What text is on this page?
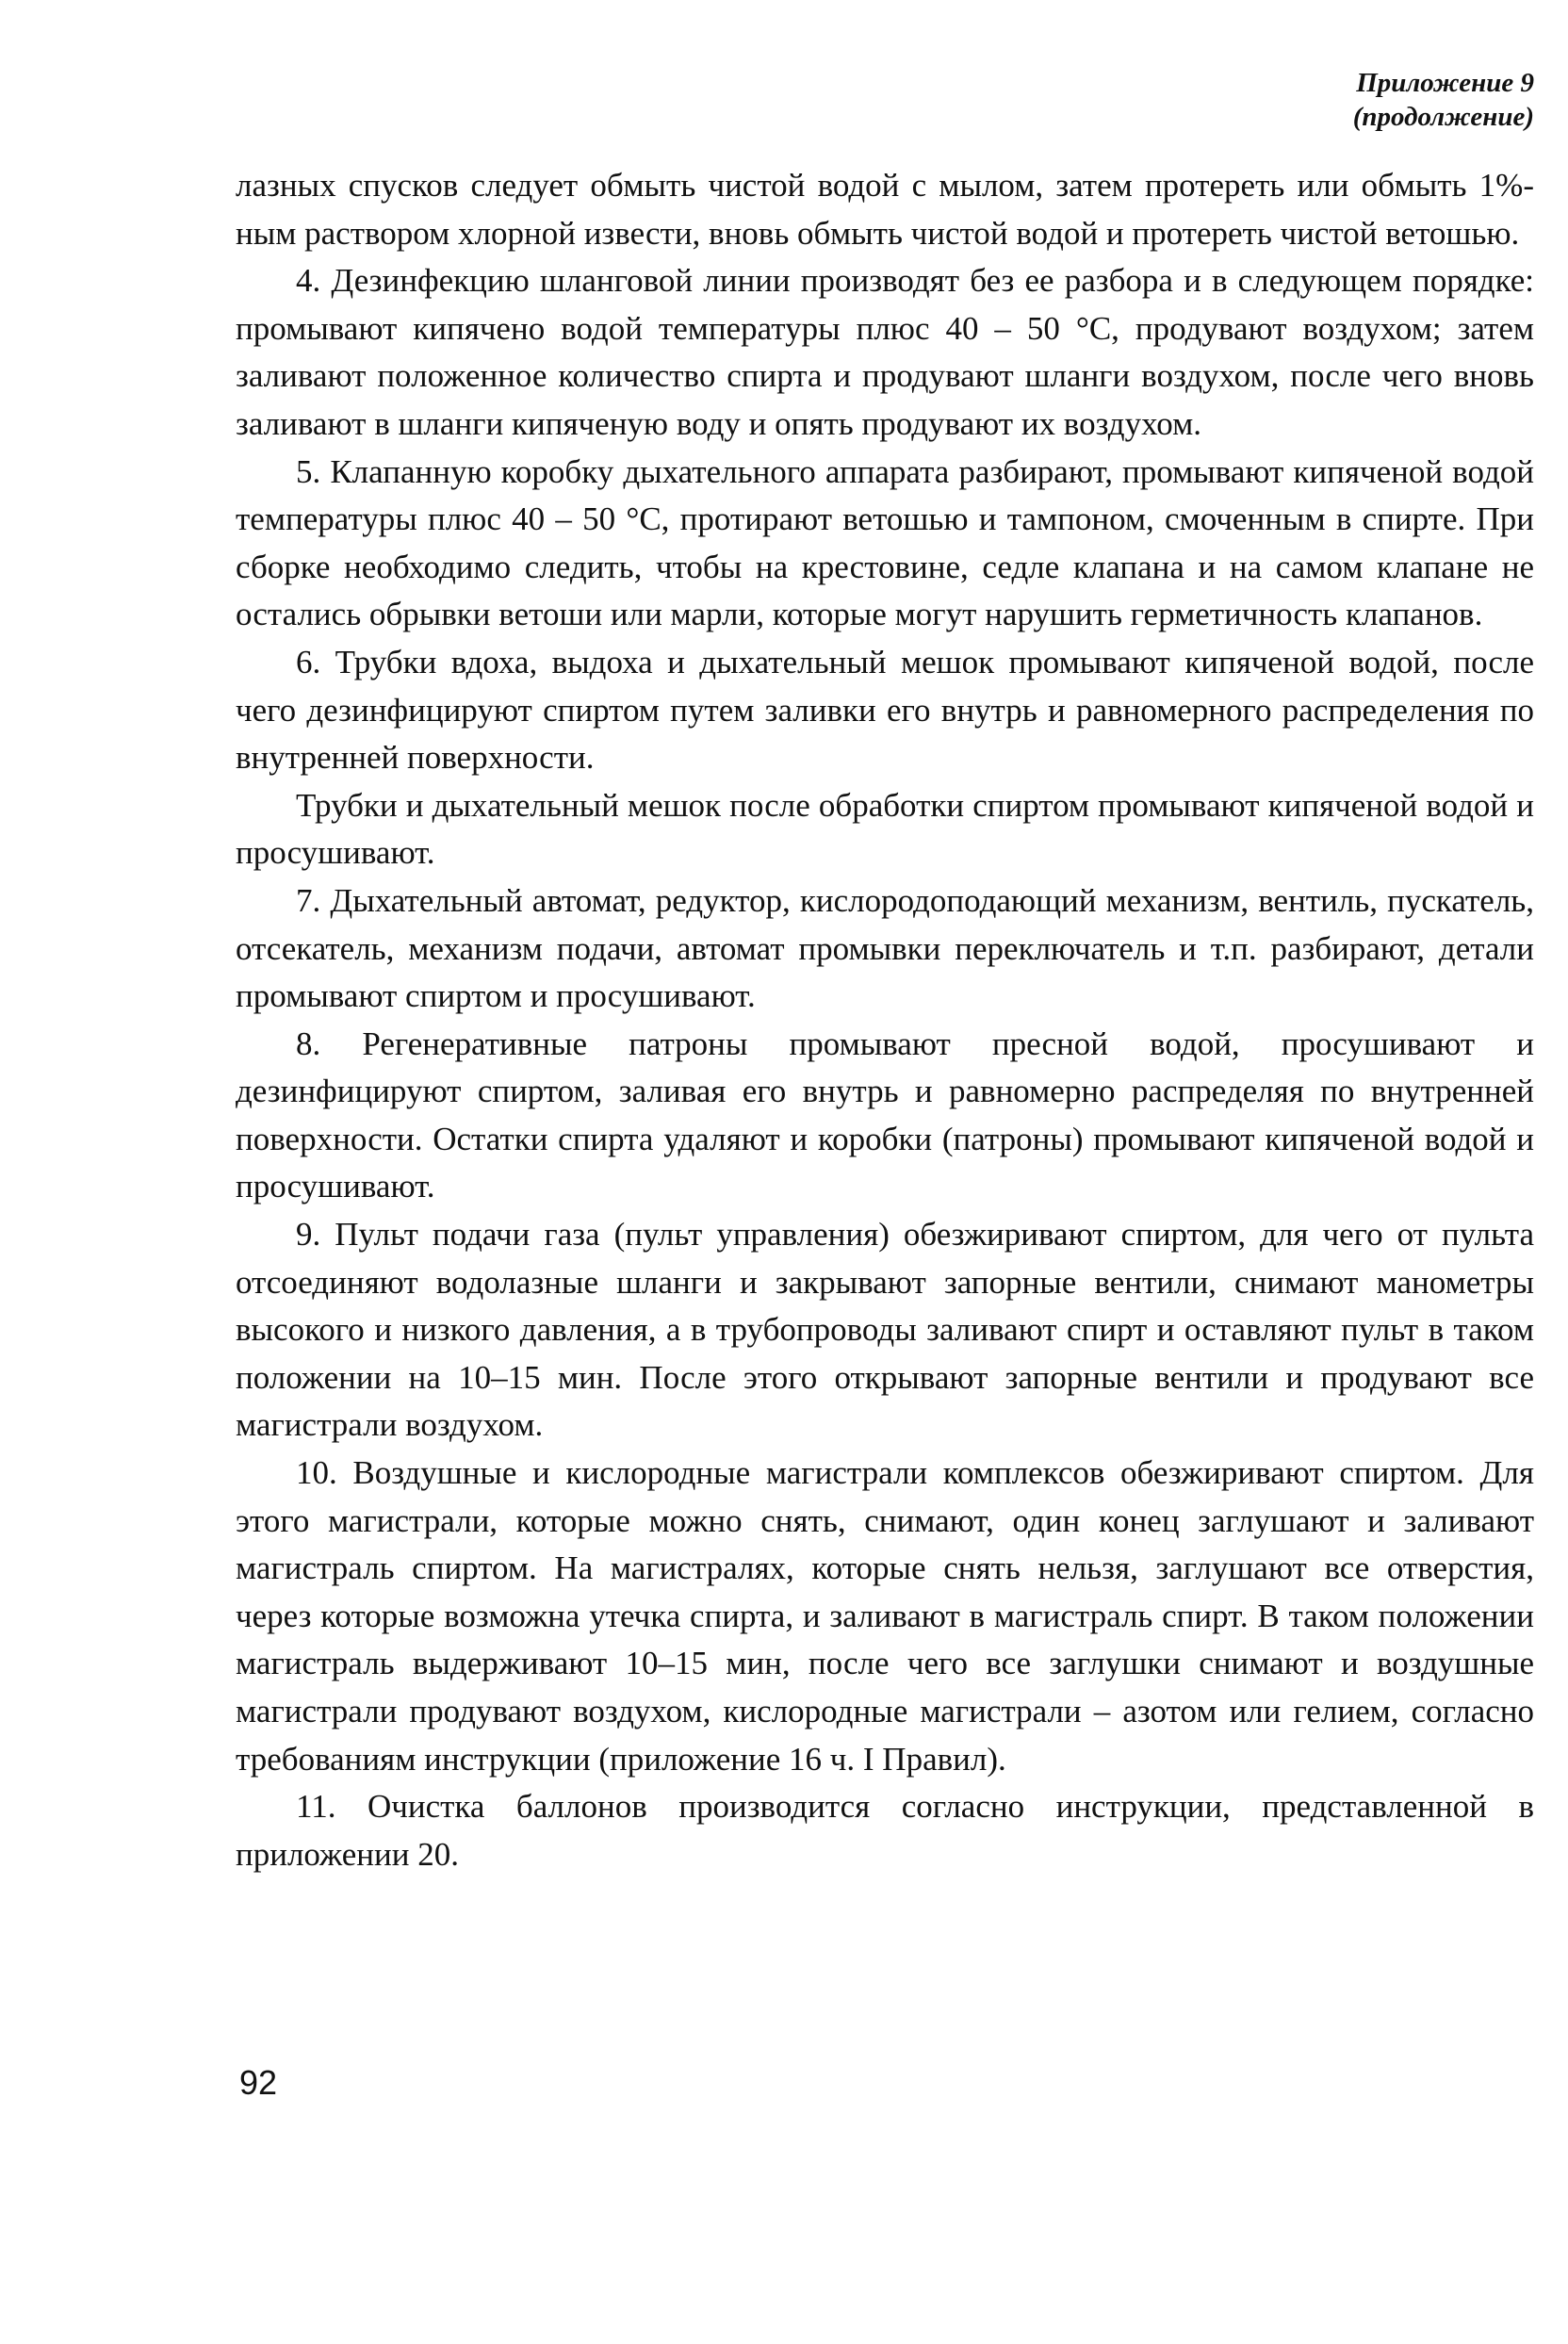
Приложение 9
(продолжение)

лазных спусков следует обмыть чистой водой с мылом, затем протереть или обмыть 1%-ным раствором хлорной извести, вновь обмыть чистой водой и протереть чистой ветошью.

4. Дезинфекцию шланговой линии производят без ее разбора и в следующем порядке: промывают кипячено водой температуры плюс 40 – 50 °С, продувают воздухом; затем заливают положенное количество спирта и продувают шланги воздухом, после чего вновь заливают в шланги кипяченую воду и опять продувают их воздухом.

5. Клапанную коробку дыхательного аппарата разбирают, промывают кипяченой водой температуры плюс 40 – 50 °С, протирают ветошью и тампоном, смоченным в спирте. При сборке необходимо следить, чтобы на крестовине, седле клапана и на самом клапане не остались обрывки ветоши или марли, которые могут нарушить герметичность клапанов.

6. Трубки вдоха, выдоха и дыхательный мешок промывают кипяченой водой, после чего дезинфицируют спиртом путем заливки его внутрь и равномерного распределения по внутренней поверхности.

Трубки и дыхательный мешок после обработки спиртом промывают кипяченой водой и просушивают.

7. Дыхательный автомат, редуктор, кислородоподающий механизм, вентиль, пускатель, отсекатель, механизм подачи, автомат промывки переключатель и т.п. разбирают, детали промывают спиртом и просушивают.

8. Регенеративные патроны промывают пресной водой, просушивают и дезинфицируют спиртом, заливая его внутрь и равномерно распределяя по внутренней поверхности. Остатки спирта удаляют и коробки (патроны) промывают кипяченой водой и просушивают.

9. Пульт подачи газа (пульт управления) обезжиривают спиртом, для чего от пульта отсоединяют водолазные шланги и закрывают запорные вентили, снимают манометры высокого и низкого давления, а в трубопроводы заливают спирт и оставляют пульт в таком положении на 10–15 мин. После этого открывают запорные вентили и продувают все магистрали воздухом.

10. Воздушные и кислородные магистрали комплексов обезжиривают спиртом. Для этого магистрали, которые можно снять, снимают, один конец заглушают и заливают магистраль спиртом. На магистралях, которые снять нельзя, заглушают все отверстия, через которые возможна утечка спирта, и заливают в магистраль спирт. В таком положении магистраль выдерживают 10–15 мин, после чего все заглушки снимают и воздушные магистрали продувают воздухом, кислородные магистрали – азотом или гелием, согласно требованиям инструкции (приложение 16 ч. I Правил).

11. Очистка баллонов производится согласно инструкции, представленной в приложении 20.

92
